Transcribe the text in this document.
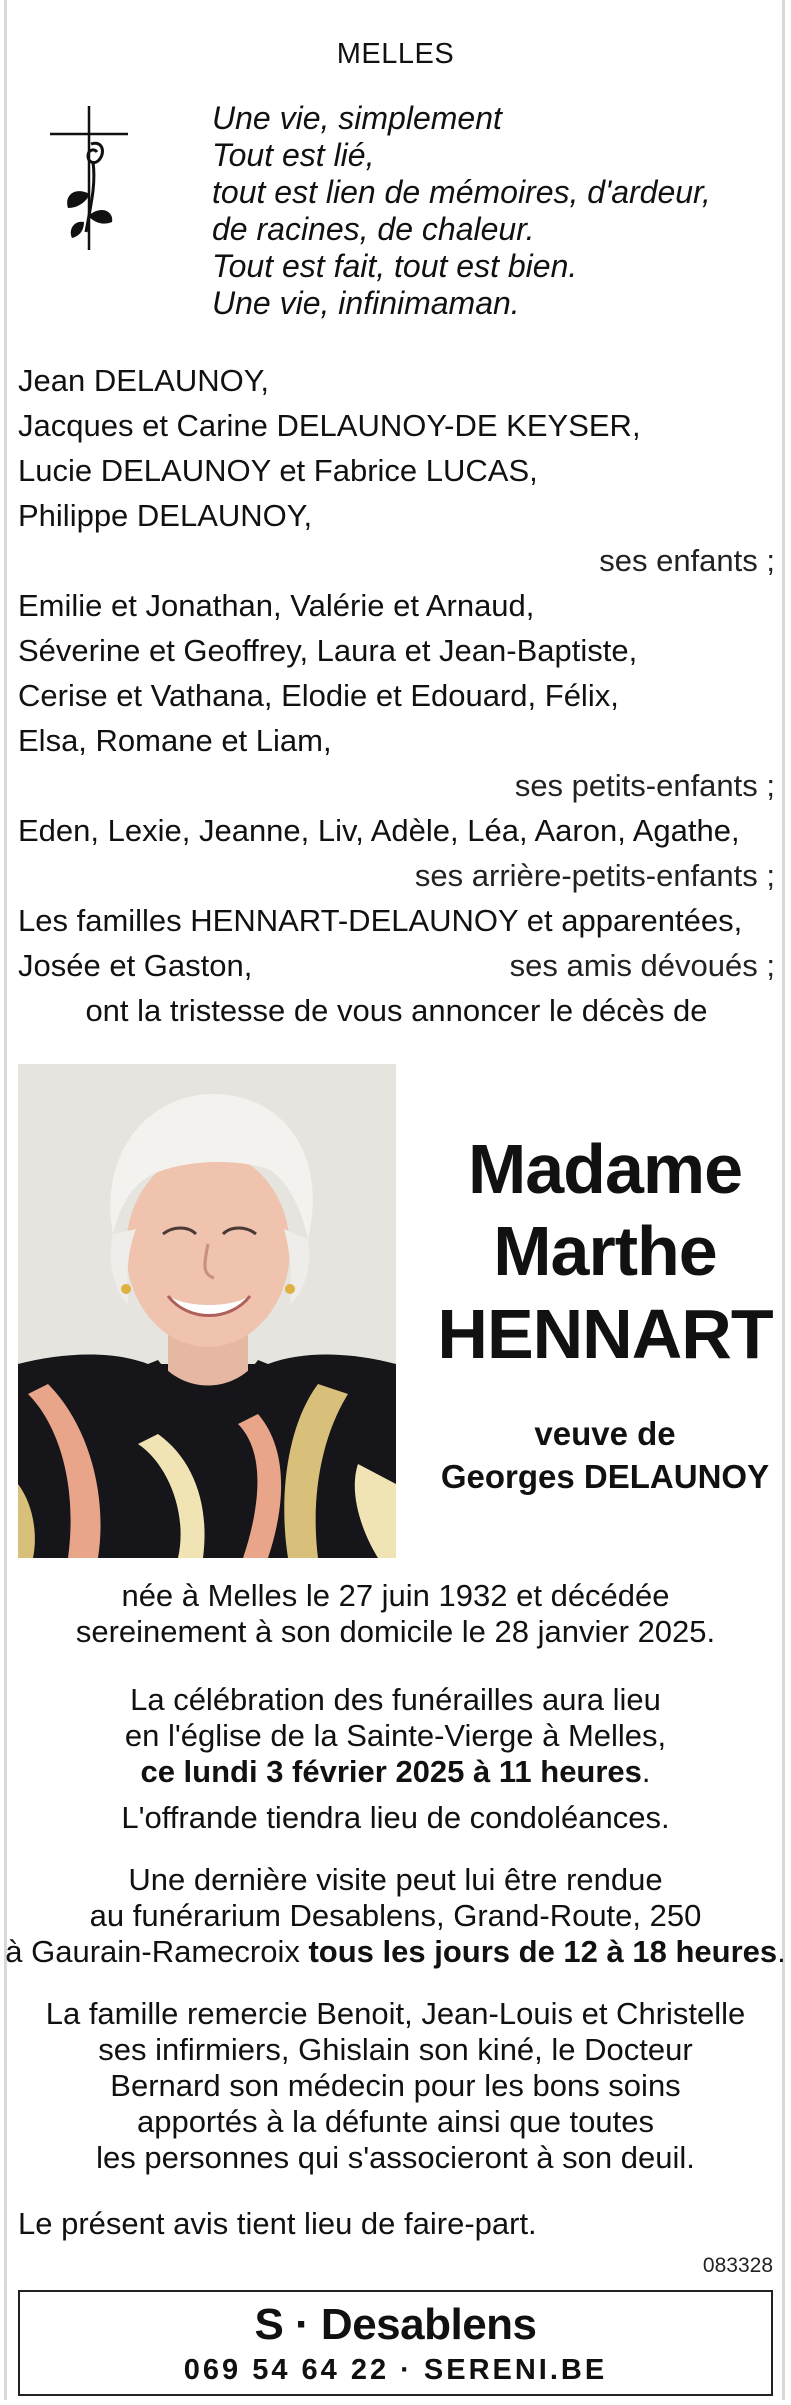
MELLES
Une vie, simplement
Tout est lié,
tout est lien de mémoires, d'ardeur,
de racines, de chaleur.
Tout est fait, tout est bien.
Une vie, infinimaman.
Jean DELAUNOY,
Jacques et Carine DELAUNOY-DE KEYSER,
Lucie DELAUNOY et Fabrice LUCAS,
Philippe DELAUNOY,
ses enfants ;
Emilie et Jonathan, Valérie et Arnaud,
Séverine et Geoffrey, Laura et Jean-Baptiste,
Cerise et Vathana, Elodie et Edouard, Félix,
Elsa, Romane et Liam,
ses petits-enfants ;
Eden, Lexie, Jeanne, Liv, Adèle, Léa, Aaron, Agathe,
ses arrière-petits-enfants ;
Les familles HENNART-DELAUNOY et apparentées,
Josée et Gaston,	ses amis dévoués ;
ont la tristesse de vous annoncer le décès de
Madame
Marthe
HENNART
veuve de
Georges DELAUNOY
née à Melles le 27 juin 1932 et décédée
sereinement à son domicile le 28 janvier 2025.
La célébration des funérailles aura lieu
en l'église de la Sainte-Vierge à Melles,
ce lundi 3 février 2025 à 11 heures.
L'offrande tiendra lieu de condoléances.
Une dernière visite peut lui être rendue
au funérarium Desablens, Grand-Route, 250
à Gaurain-Ramecroix tous les jours de 12 à 18 heures.
La famille remercie Benoit, Jean-Louis et Christelle
ses infirmiers, Ghislain son kiné, le Docteur
Bernard son médecin pour les bons soins
apportés à la défunte ainsi que toutes
les personnes qui s'associeront à son deuil.
Le présent avis tient lieu de faire-part.
083328
S · Desablens
069 54 64 22 · SERENI.BE
